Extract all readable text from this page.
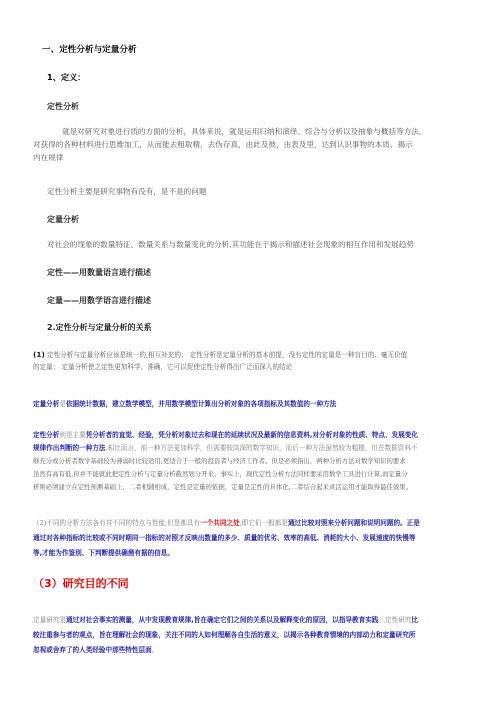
一、定性分析与定量分析
1、定义：
定性分析
就是对研究对象进行质的方面的分析，具体来说，就是运用归纳和演绎、综合与分析以及抽象与概括等方法,
对获得的各种材料进行思维加工，从而能去粗取精，去伪存真，由此及彼，由表及里，达到认识事物的本质、揭示
内在规律
定性分析主要是研究事物有没有，是不是的问题
定量分析
对社会的现象的数量特征、数量关系与数量变化的分析,其功能在于揭示和描述社会现象的相互作用和发展趋势
定性——用数量语言进行描述
定量——用数学语言进行描述
2.定性分析与定量分析的关系
(1) 定性分析与定量分析应该是统一的,相互补充的； 定性分析是定量分析的基本前提，没有定性的定量是一种盲目的、毫无价值
的定量； 定量分析使之定性更加科学、准确，它可以促使定性分析得出广泛而深入的结论
定量分析是依据统计数据，建立数学模型，并用数学模型计算出分析对象的各项指标及其数值的一种方法
定性分析则是主要凭分析者的直觉、经验，凭分析对象过去和现在的延续状况及最新的信息资料,对分析对象的性质、特点、发展变化
规律作出判断的一种方法.相比而言，前一种方法更加科学，但需要较高深的数学知识，而后一种方法虽然较为粗糙，但在数据资料不
够充分或分析者数学基础较为薄弱时比较适用,更适合于一般的投资者与经济工作者。但是必须指出，两种分析方法对数学知识的要求
虽然有高有低,但并不能就此把定性分析与定量分析截然划分开来。事实上，现代定性分析方法同样要采用数学工具进行计算,而定量分
析则必须建立在定性预测基础上，二者相辅相成，定性是定量的依据，定量是定性的具体化,二者结合起来灵活运用才能取得最佳效果。
（2)不同的分析方法各有其不同的特点与性能,但是都具有一个共同之处,即它们一般都是通过比较对照来分析问题和说明问题的。正是
通过对各种指标的比较或不同时期同一指标的对照才反映出数量的多少、质量的优劣、效率的高低、消耗的大小、发展速度的快慢等
等,才能为作鉴别、下判断提供确凿有据的信息。
（3）研究目的不同
定量研究是通过对社会事实的测量，从中发现教育规律,旨在确定它们之间的关系以及解释变化的原因，以指导教育实践。定性研究比
较注重参与者的观点，旨在理解社会的现象，关注不同的人如何理解各自生活的意义，以揭示各种教育情境的内部动力和定量研究所
忽视或舍弃了的人类经验中那些特性层面。
